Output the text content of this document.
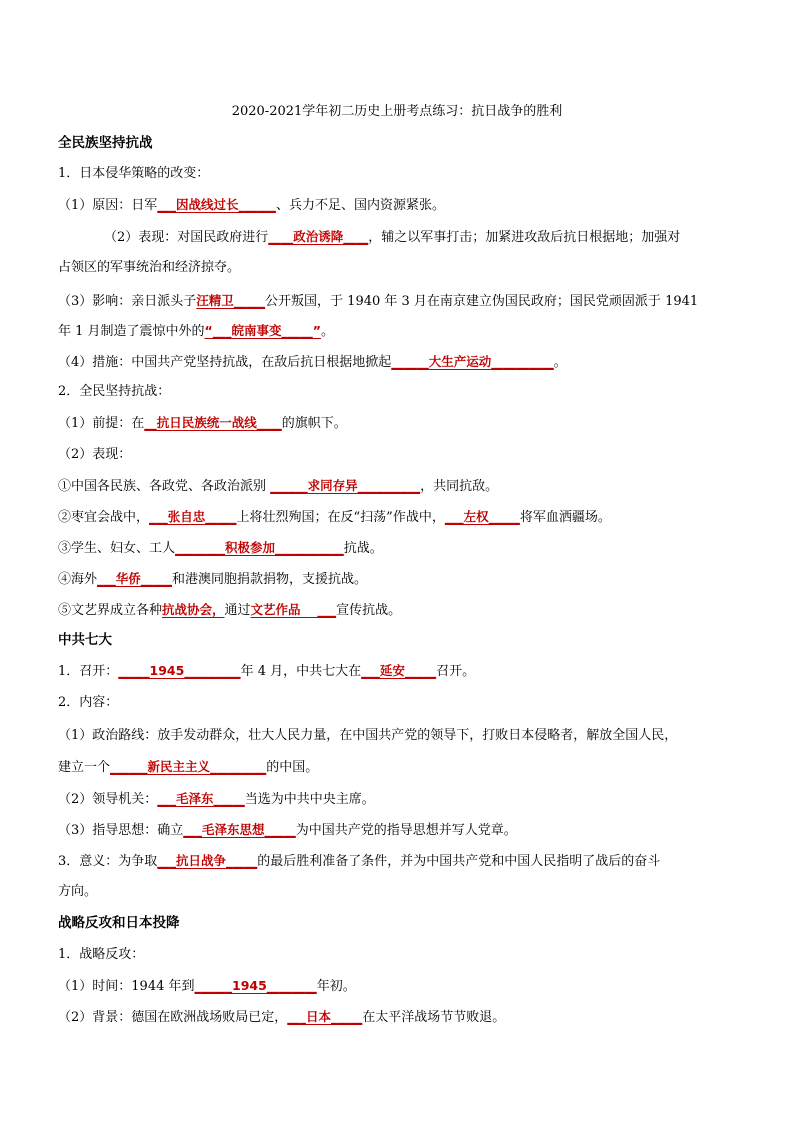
2020-2021学年初二历史上册考点练习：抗日战争的胜利
全民族坚持抗战
1．日本侵华策略的改变：
（1）原因：日军___因战线过长______、兵力不足、国内资源紧张。
（2）表现：对国民政府进行____政治诱降____，辅之以军事打击；加紧进攻敌后抗日根据地；加强对
占领区的军事统治和经济掠夺。
（3）影响：亲日派头子汪精卫_____公开叛国，于 1940 年 3 月在南京建立伪国民政府；国民党顽固派于 1941
年 1 月制造了震惊中外的“___皖南事变_____”。
（4）措施：中国共产党坚持抗战，在敌后抗日根据地掀起______大生产运动__________。
2．全民坚持抗战：
（1）前提：在__抗日民族统一战线____的旗帜下。
（2）表现：
①中国各民族、各政党、各政治派别 ______求同存异__________，共同抗敌。
②枣宜会战中，___张自忠_____上将壮烈殉国；在反“扫荡”作战中，___左权_____将军血洒疆场。
③学生、妇女、工人________积极参加___________抗战。
④海外___华侨_____和港澳同胞捐款捐物，支援抗战。
⑤文艺界成立各种抗战协会，通过文艺作品　 ___宣传抗战。
中共七大
1．召开：_____1945_________年 4 月，中共七大在___延安_____召开。
2．内容：
（1）政治路线：放手发动群众，壮大人民力量，在中国共产党的领导下，打败日本侵略者，解放全国人民，
建立一个______新民主主义_________的中国。
（2）领导机关：___毛泽东_____当选为中共中央主席。
（3）指导思想：确立___毛泽东思想_____为中国共产党的指导思想并写人党章。
3．意义：为争取___抗日战争_____的最后胜利准备了条件，并为中国共产党和中国人民指明了战后的奋斗
方向。
战略反攻和日本投降
1．战略反攻：
（1）时间：1944 年到______1945________年初。
（2）背景：德国在欧洲战场败局已定，___日本_____在太平洋战场节节败退。
